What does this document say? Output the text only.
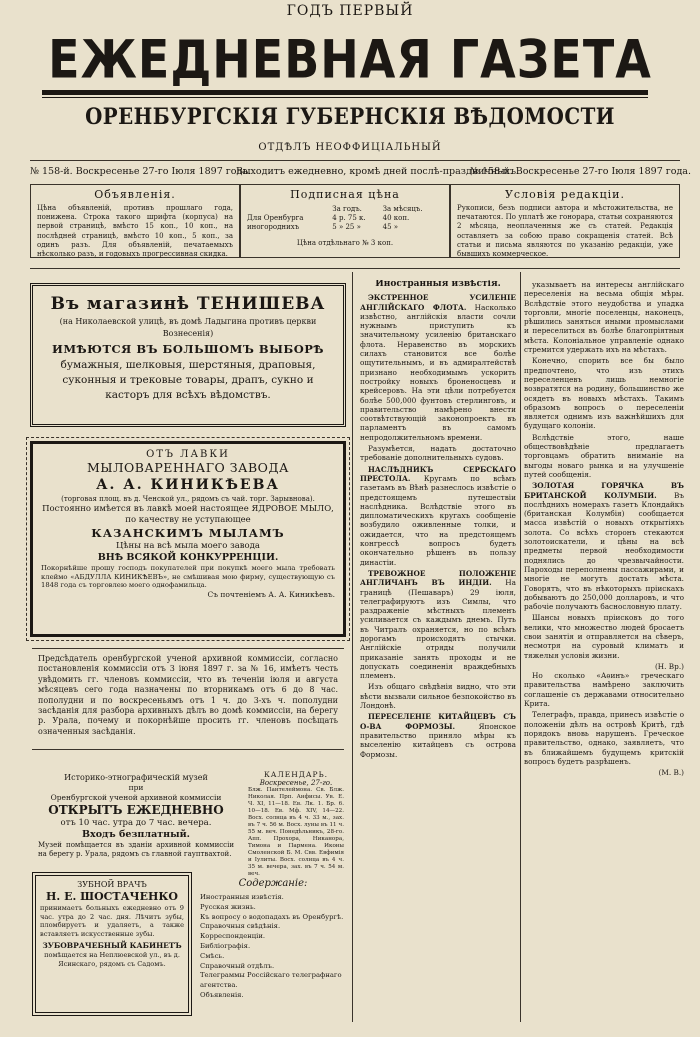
ГОДЪ ПЕРВЫЙ
ЕЖЕДНЕВНАЯ ГАЗЕТА
ОРЕНБУРГСКІЯ ГУБЕРНСКІЯ ВѢДОМОСТИ
ОТДѢЛЪ НЕОФФИЦІАЛЬНЫЙ
№ 158-й. Воскресенье 27-го Іюля 1897 года.
Выходитъ ежедневно, кромѣ дней послѣ-праздничныхъ.
№ 158-й. Воскресенье 27-го Іюля 1897 года.
Объявленія.
Цѣна объявленій, противъ прошлаго года, понижена. Строка такого шрифта (корпуса) на первой страницѣ, вмѣсто 15 коп., 10 коп., на послѣдней страницѣ, вмѣсто 10 коп., 5 коп., за одинъ разъ. Для объявленій, печатаемыхъ нѣсколько разъ, и годовыхъ прогрессивная скидка.
Подписная цѣна
	За годъ.	За мѣсяцъ.
Для Оренбурга	4 р. 75 к.	40 коп.
иногороднихъ	5 » 25 »	45 »
Цѣна отдѣльнаго № 3 коп.
Условія редакціи.
Рукописи, безъ подписи автора и мѣстожительства, не печатаются. По уплатѣ же гонорара, статьи сохраняются 2 мѣсяца, неоплаченныя же съ статей. Редакція оставляетъ за собою право сокращенія статей. Всѣ статьи и письма являются по указанію редакціи, уже бывшихъ коммерческое.
Въ магазинѣ ТЕНИШЕВА
(на Николаевской улицѣ, въ домѣ Ладыгина противъ церкви Вознесенія)
ИМѢЮТСЯ ВЪ БОЛЬШОМЪ ВЫБОРѢ
бумажныя, шелковыя, шерстяныя, драповыя, суконныя и трековые товары, драпъ, сукно и касторъ для всѣхъ вѣдомствъ.
ОТЪ ЛАВКИ
МЫЛОВАРЕННАГО ЗАВОДА
А. А. КИНИКѢЕВА
(торговая площ. въ д. Ченской ул., рядомъ съ чай. торг. Зарывнова).
Постоянно имѣется въ лавкѣ моей настоящее ЯДРОВОЕ МЫЛО, по качеству не уступающее
КАЗАНСКИМЪ МЫЛАМЪ
Цѣны на всѣ мыла моего завода
ВНѢ ВСЯКОЙ КОНКУРРЕНЦІИ.
Покорнѣйше прошу господъ покупателей при покупкѣ моего мыла требовать клеймо «АБДУЛЛА КИНИКѢЕВЪ», не смѣшивая мою фирму, существующую съ 1848 года съ торговлею моего однофамильца.
Съ почтеніемъ А. А. Киникѣевъ.
Предсѣдатель оренбургской ученой архивной коммиссіи, согласно постановленія коммиссіи отъ 3 іюня 1897 г. за № 16, имѣетъ честь увѣдомить гг. членовъ коммиссіи, что въ теченіи іюля и августа мѣсяцевъ сего года назначены по вторникамъ отъ 6 до 8 час. пополудни и по воскресеньямъ отъ 1 ч. до 3-хъ ч. пополудни засѣданія для разбора архивныхъ дѣлъ во домѣ коммиссіи, на берегу р. Урала, почему и покорнѣйше просить гг. членовъ посѣщать означенныя засѣданія.
Историко-этнографическій музей
при
Оренбургской ученой архивной коммиссіи
ОТКРЫТЪ ЕЖЕДНЕВНО
отъ 10 час. утра до 7 час. вечера.
Входъ безплатный.
Музей помѣщается въ зданіи архивной коммиссіи на берегу р. Урала, рядомъ съ главной гауптвахтой.
КАЛЕНДАРЬ.
Воскресенье, 27-го.
Блж. Пантелеймона. Св. Блж. Николая. Прп. Анфисы. Ув. Е. Ч. XI, 11—18. Ев. Лк. 1. Бр. 6. 10—18. Ев. Мф. XIV, 14—22. Восх. солнца въ 4 ч. 33 м., зах. въ 7 ч. 56 м. Восх. луны въ 11 ч. 55 м. веч. Понедѣльникъ, 28-го. Апп. Прохора, Никанора, Тимона и Пармена. Иконы Смоленской Б. М. Свв. Евфимія и Іулиты. Восх. солнца въ 4 ч. 35 м. вечера, зах. въ 7 ч. 54 м. веч.
ЗУБНОЙ ВРАЧЪ
Н. Е. ШОСТАЧЕНКО
принимаетъ больныхъ ежедневно отъ 9 час. утра до 2 час. дня. Лѣчитъ зубы, пломбируетъ и удаляетъ, а также вставляетъ искусственные зубы.
ЗУБОВРАЧЕБНЫЙ КАБИНЕТЪ
помѣщается на Неплюевской ул., въ д. Ясинскаго, рядомъ съ Садомъ.
Содержаніе:
Иностранныя извѣстія.
Русская жизнь.
Къ вопросу о водопадахъ въ Оренбургѣ.
Справочныя свѣдѣнія.
Корреспонденціи.
Библіографія.
Смѣсь.
Справочный отдѣлъ.
Телеграммы Россійскаго телеграфнаго агентства.
Объявленія.
Иностранныя извѣстія.

ЭКСТРЕННОЕ УСИЛЕНІЕ АНГЛІЙСКАГО ФЛОТА. Насколько извѣстно, англійскія власти сочли нужнымъ приступить къ значительному усиленію британскаго флота. Неравенство въ морскихъ силахъ становится все болѣе ощутительнымъ, и въ адмиралтействѣ признано необходимымъ ускорить постройку новыхъ броненосцевъ и крейсеровъ. На эти цѣли потребуется болѣе 500,000 фунтовъ стерлинговъ, и правительство намѣрено внести соотвѣтствующій законопроектъ въ парламентъ въ самомъ непродолжительномъ времени.

Разумѣется, надать достаточно требованіе дополнительныхъ судовъ.

НАСЛѢДНИКЪ СЕРБСКАГО ПРЕСТОЛА. Кругамъ по всѣмъ газетамъ въ Вѣнѣ разнеслось извѣстіе о предстоящемъ путешествіи наслѣдника. Вслѣдствіе этого въ дипломатическихъ кругахъ сообщеніе возбудило оживленные толки, и ожидается, что на предстоящемъ конгрессѣ вопросъ будетъ окончательно рѣшенъ въ пользу династіи.

ТРЕВОЖНОЕ ПОЛОЖЕНІЕ АНГЛИЧАНЪ ВЪ ИНДІИ. На границѣ (Пешаваръ) 29 іюля, телеграфируютъ изъ Симлы, что раздраженіе мѣстныхъ племенъ усиливается съ каждымъ днемъ. Путь въ Читралъ охраняется, но по всѣмъ дорогамъ происходятъ стычки. Англійскіе отряды получили приказаніе занять проходы и не допускать соединенія враждебныхъ племенъ.

Изъ общаго свѣдѣнія видно, что эти вѣсти вызвали сильное безпокойство въ Лондонѣ.

ПЕРЕСЕЛЕНІЕ КИТАЙЦЕВЪ СЪ О-ВА ФОРМОЗЫ.	Японское правительство приняло мѣры къ выселенію китайцевъ съ острова Формозы.

указываетъ на интересы англійскаго переселенія на весьма общія мѣры. Вслѣдствіе этого неудобства и упадка торговли, многіе поселенцы, наконецъ, рѣшились заняться иными промыслами и переселиться въ болѣе благопріятныя мѣста. Колоніальное управленіе однако стремится удержать ихъ на мѣстахъ.

Конечно, спорить все бы было предпочтено, что изъ этихъ переселенцевъ лишь немногіе возвратятся на родину, большинство же осядетъ въ новыхъ мѣстахъ. Такимъ образомъ вопросъ о переселеніи является однимъ изъ важнѣйшихъ для будущаго колоніи.

Вслѣдствіе этого, наше обществовѣдѣніе предлагаетъ торговцамъ обратить вниманіе на выгоды новаго рынка и на улучшеніе путей сообщенія.

ЗОЛОТАЯ ГОРЯЧКА ВЪ БРИТАНСКОЙ КОЛУМБІИ. Въ послѣднихъ номерахъ газетъ Клондайкъ (британская Колумбія) сообщается масса извѣстій о новыхъ открытіяхъ золота. Со всѣхъ сторонъ стекаются золотоискатели, и цѣны на всѣ предметы первой необходимости поднялись до чрезвычайности. Пароходы переполнены пассажирами, и многіе не могутъ достать мѣста. Говорятъ, что въ нѣкоторыхъ пріискахъ добываютъ до 250,000 долларовъ, и что рабочіе получаютъ баснословную плату.

Шансы новыхъ пріисковъ до того велики, что множество людей бросаетъ свои занятія и отправляется на сѣверъ, несмотря на суровый климатъ и тяжелыя условія жизни.

(Н. Вр.)

Но сколько «Аѳинъ» греческаго правительства намѣрено заключить соглашеніе съ державами относительно Крита.

Телеграфъ, правда, принесъ извѣстіе о положеніи дѣлъ на островѣ Критѣ, гдѣ порядокъ вновь нарушенъ. Греческое правительство, однако, заявляетъ, что въ ближайшемъ будущемъ критскій вопросъ будетъ разрѣшенъ.

(М. В.)
